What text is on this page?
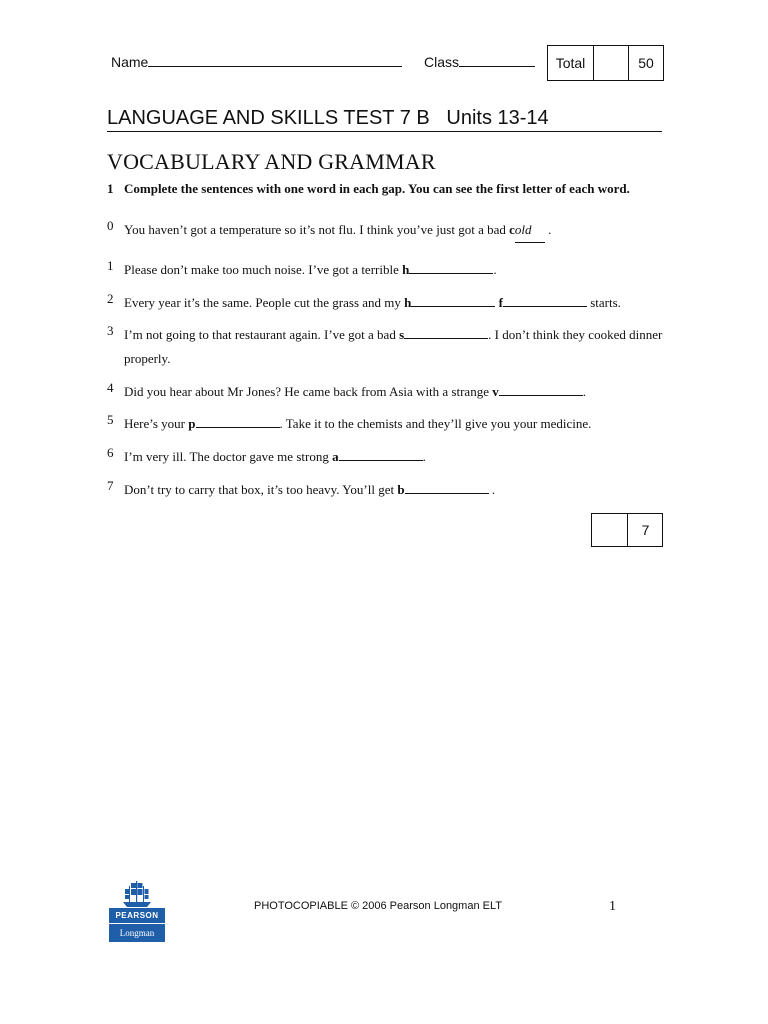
Name	Class	Total	50
LANGUAGE AND SKILLS TEST 7 B   Units 13-14
VOCABULARY AND GRAMMAR
1 Complete the sentences with one word in each gap. You can see the first letter of each word.
0 You haven’t got a temperature so it’s not flu. I think you’ve just got a bad cold .
1 Please don’t make too much noise. I’ve got a terrible h	.
2 Every year it’s the same. People cut the grass and my h	f	starts.
3 I’m not going to that restaurant again. I’ve got a bad s	. I don’t think they cooked dinner properly.
4 Did you hear about Mr Jones? He came back from Asia with a strange v	.
5 Here’s your p	. Take it to the chemists and they’ll give you your medicine.
6 I’m very ill. The doctor gave me strong a	.
7 Don’t try to carry that box, it’s too heavy. You’ll get b	.
7
PEARSON
Longman
PHOTOCOPIABLE © 2006 Pearson Longman ELT	1
